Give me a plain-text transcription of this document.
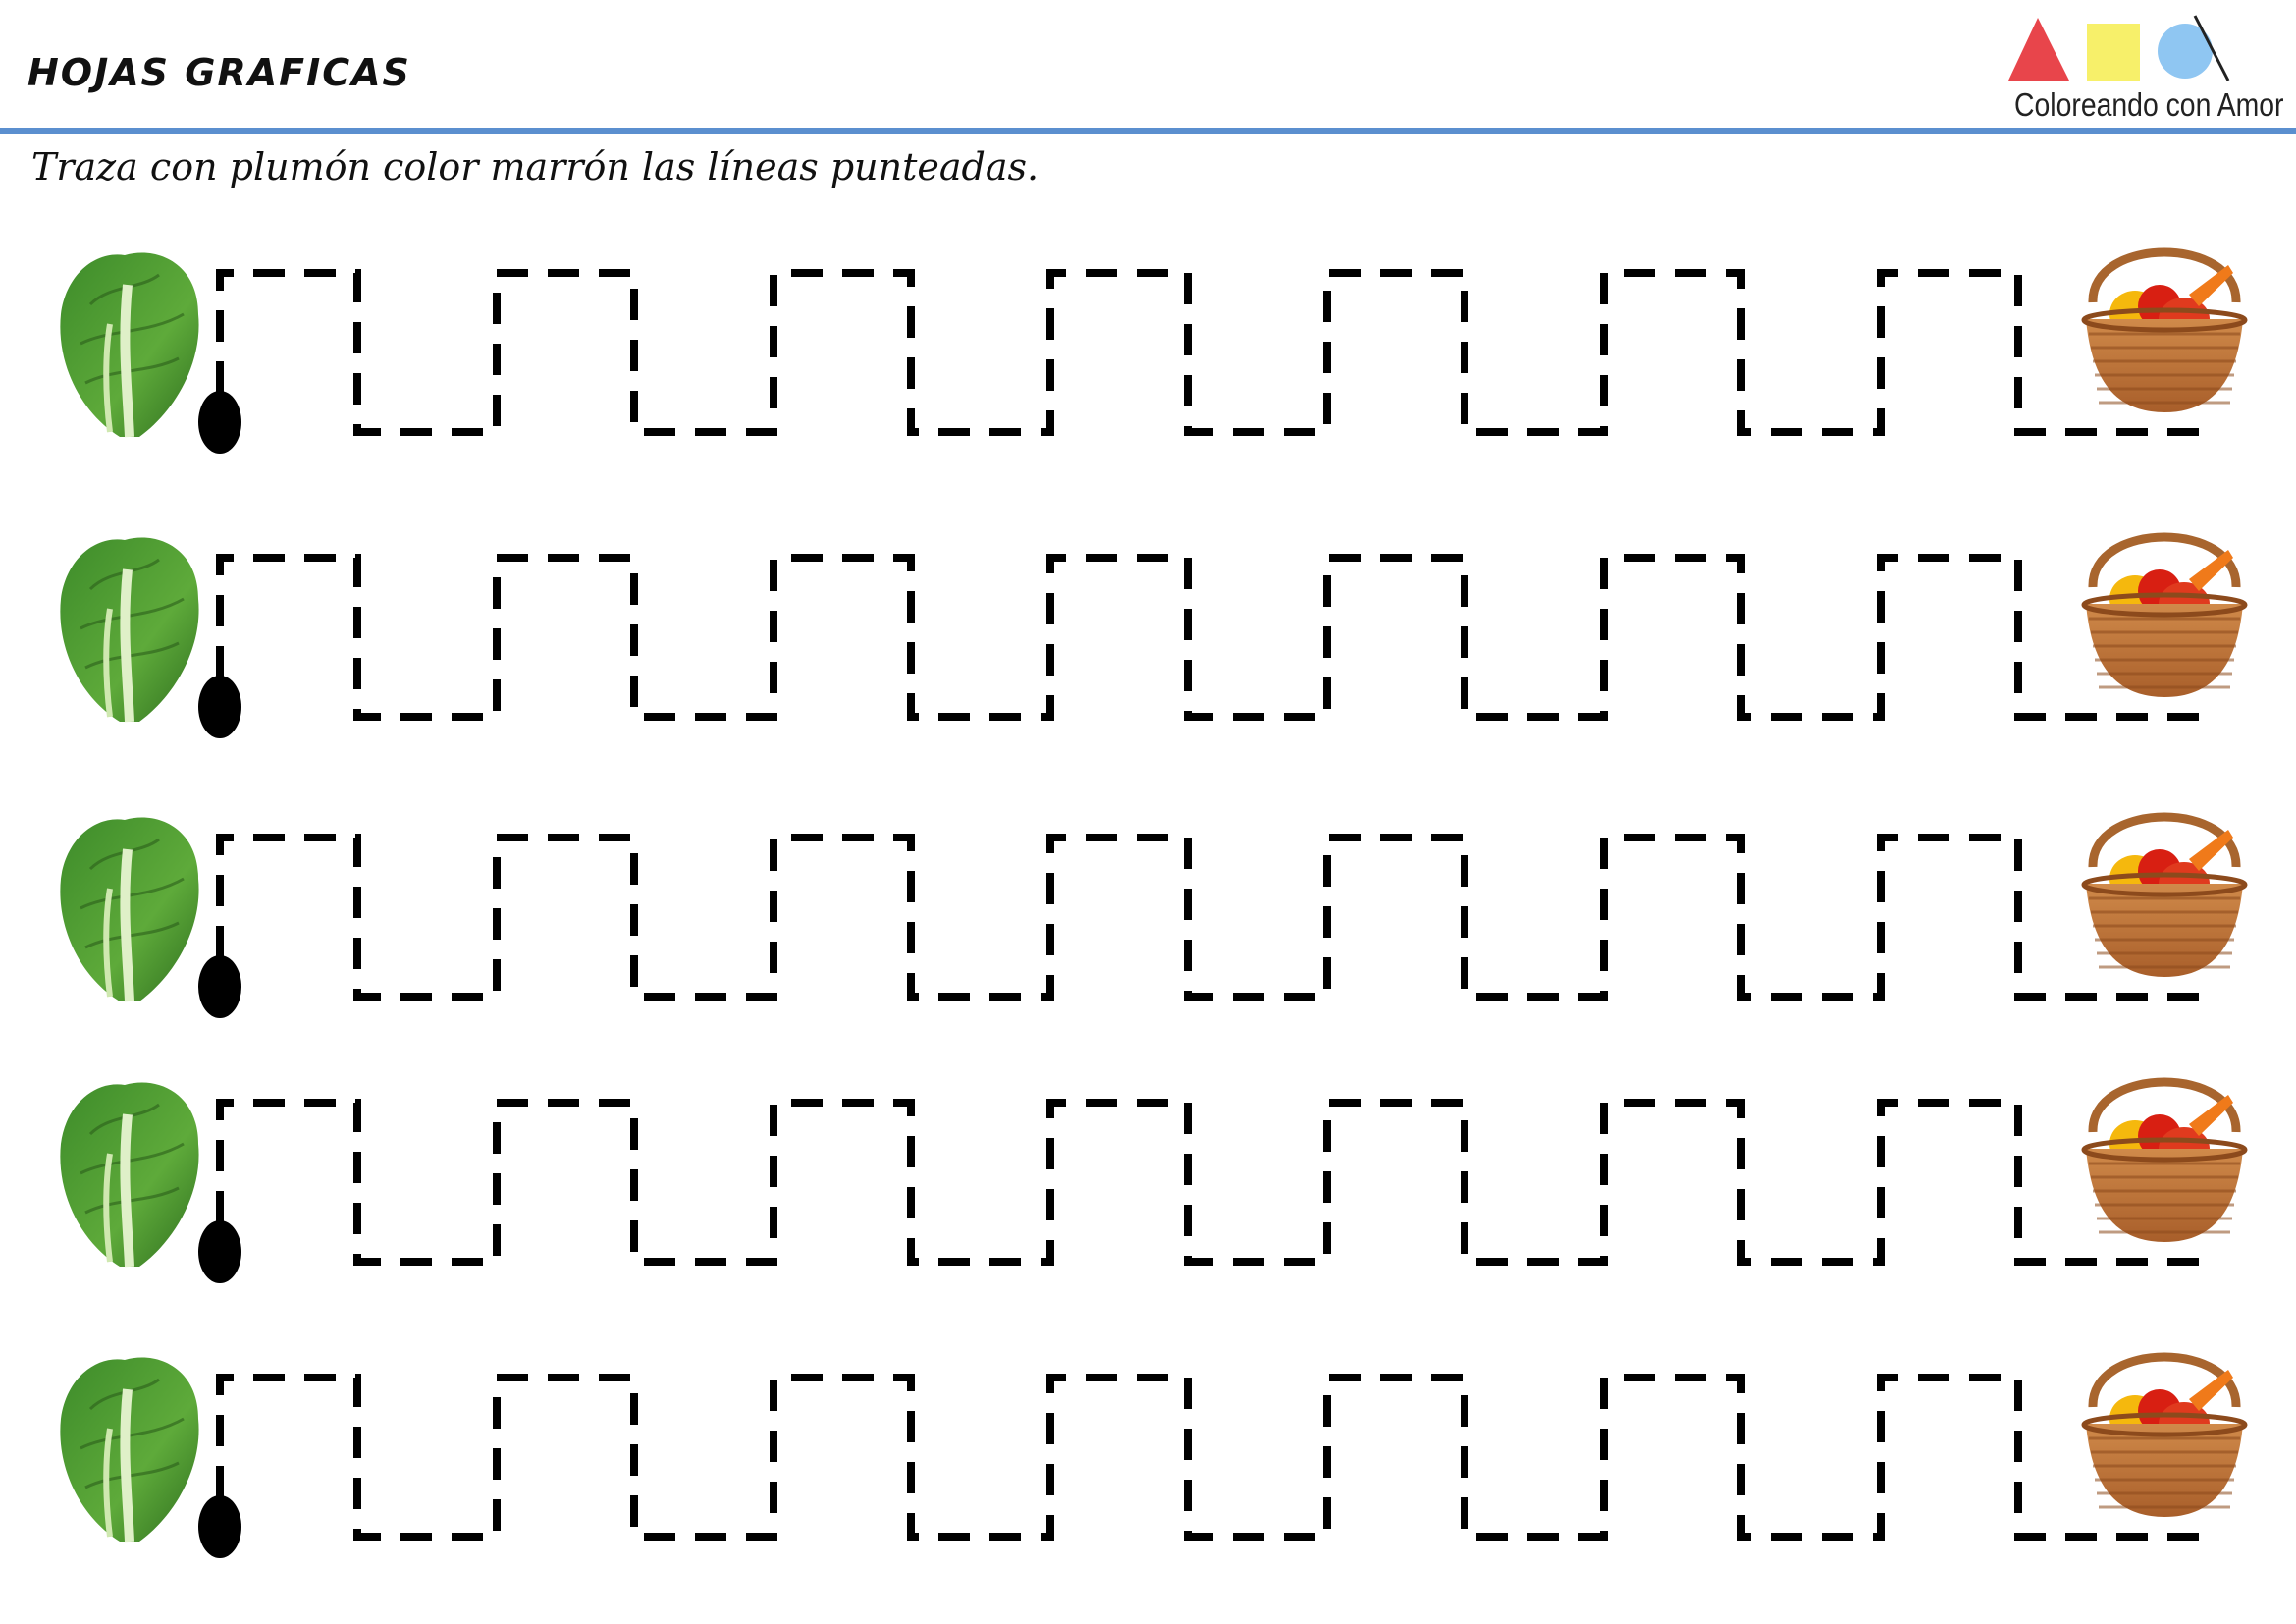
HOJAS GRAFICAS
Coloreando con Amor
Traza con plumón color marrón las líneas punteadas.
